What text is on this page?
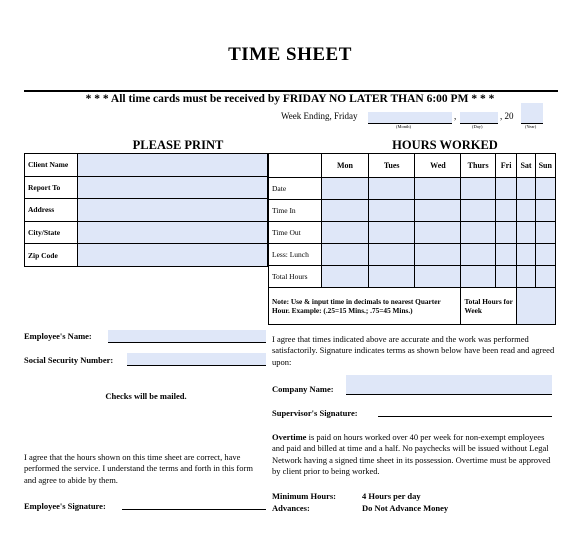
TIME SHEET
* * * All time cards must be received by FRIDAY NO LATER THAN 6:00 PM * * *
Week Ending, Friday	,	, 20
(Month)	(Day)	(Year)
PLEASE PRINT	HOURS WORKED
Client Name	
Report To	
Address	
City/State	
Zip Code	
	Mon	Tues	Wed	Thurs	Fri	Sat	Sun
Date							
Time In							
Time Out							
Less: Lunch							
Total Hours							
Note: Use & input time in decimals to nearest Quarter Hour. Example: (.25=15 Mins.; .75=45 Mins.)				Total Hours for Week			
Employee's Name:
Social Security Number:
Checks will be mailed.
I agree that the hours shown on this time sheet are correct, have performed the service. I understand the terms and forth in this form and agree to abide by them.
Employee's Signature:
I agree that times indicated above are accurate and the work was performed satisfactorily. Signature indicates terms as shown below have been read and agreed upon:
Company Name:
Supervisor's Signature:
Overtime is paid on hours worked over 40 per week for non-exempt employees and paid and billed at time and a half. No paychecks will be issued without Legal Network having a signed time sheet in its possession. Overtime must be approved by client prior to being worked.
Minimum Hours:	4 Hours per day
Advances:	Do Not Advance Money
